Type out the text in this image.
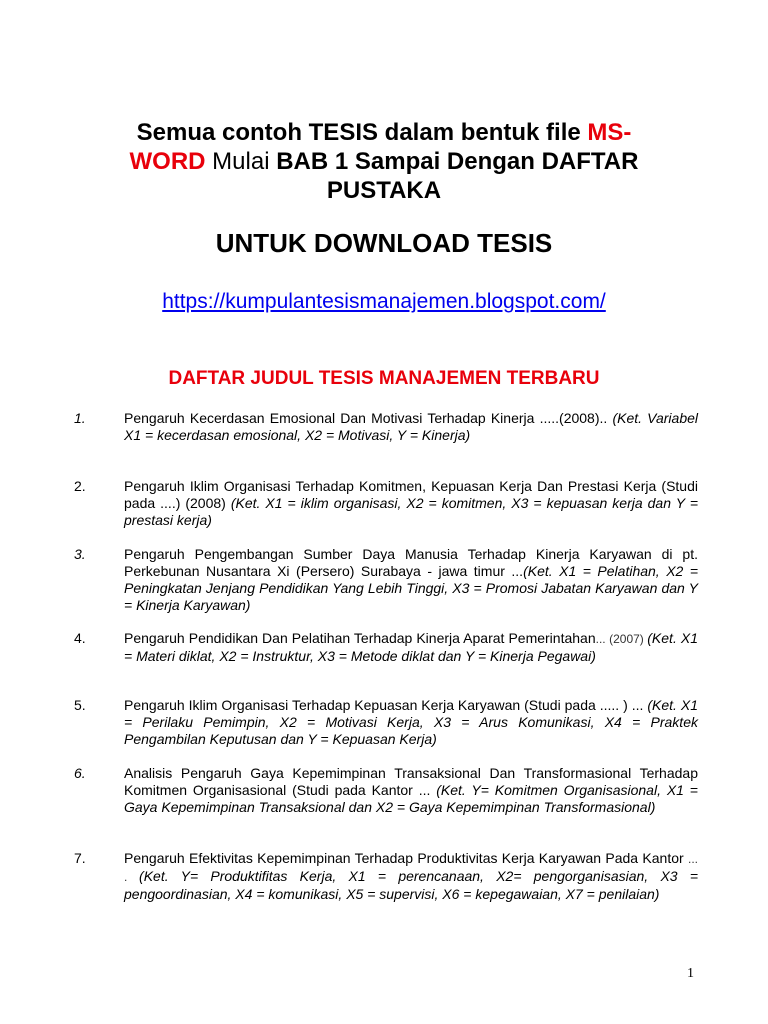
Semua contoh TESIS dalam bentuk file MS-
WORD Mulai BAB 1 Sampai Dengan DAFTAR
PUSTAKA
UNTUK DOWNLOAD TESIS
https://kumpulantesismanajemen.blogspot.com/
DAFTAR JUDUL TESIS MANAJEMEN TERBARU
1.	Pengaruh Kecerdasan Emosional Dan Motivasi Terhadap Kinerja .....(2008).. (Ket. Variabel X1 = kecerdasan emosional, X2 = Motivasi, Y = Kinerja)
2.	Pengaruh Iklim Organisasi Terhadap Komitmen, Kepuasan Kerja Dan Prestasi Kerja (Studi pada ....) (2008) (Ket. X1 = iklim organisasi, X2 = komitmen, X3 = kepuasan kerja dan Y = prestasi kerja)
3.	Pengaruh Pengembangan Sumber Daya Manusia Terhadap Kinerja Karyawan di pt. Perkebunan Nusantara Xi (Persero) Surabaya - jawa timur ...(Ket. X1 = Pelatihan, X2 = Peningkatan Jenjang Pendidikan Yang Lebih Tinggi, X3 = Promosi Jabatan Karyawan dan Y = Kinerja Karyawan)
4.	Pengaruh Pendidikan Dan Pelatihan Terhadap Kinerja Aparat Pemerintahan... (2007) (Ket. X1 = Materi diklat, X2 = Instruktur, X3 = Metode diklat dan Y = Kinerja Pegawai)
5.	Pengaruh Iklim Organisasi Terhadap Kepuasan Kerja Karyawan (Studi pada ..... ) ... (Ket. X1 = Perilaku Pemimpin, X2 = Motivasi Kerja, X3 = Arus Komunikasi, X4 = Praktek Pengambilan Keputusan dan Y = Kepuasan Kerja)
6.	Analisis Pengaruh Gaya Kepemimpinan Transaksional Dan Transformasional Terhadap Komitmen Organisasional (Studi pada Kantor ... (Ket. Y= Komitmen Organisasional, X1 = Gaya Kepemimpinan Transaksional dan X2 = Gaya Kepemimpinan Transformasional)
7.	Pengaruh Efektivitas Kepemimpinan Terhadap Produktivitas Kerja Karyawan Pada Kantor ... . (Ket. Y= Produktifitas Kerja, X1 = perencanaan, X2= pengorganisasian, X3 = pengoordinasian, X4 = komunikasi, X5 = supervisi, X6 = kepegawaian, X7 = penilaian)
1
